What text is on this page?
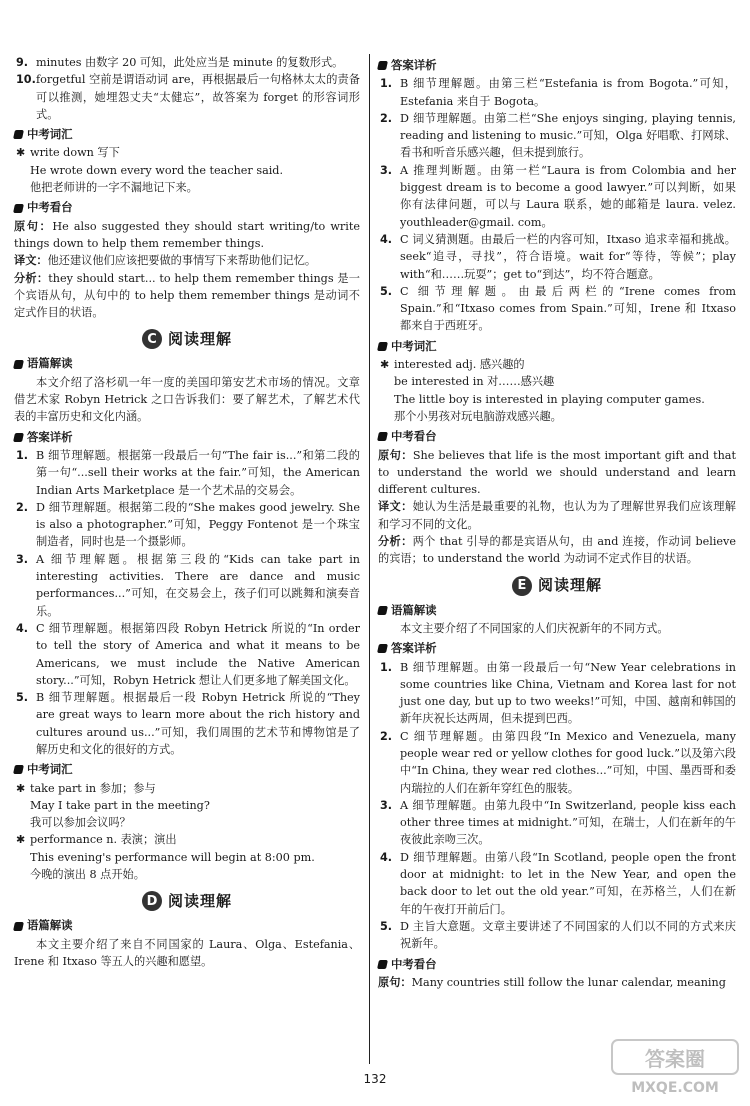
9. minutes 由数字 20 可知，此处应当是 minute 的复数形式。
10. forgetful 空前是谓语动词 are，再根据最后一句格林太太的责备可以推测，她埋怨丈夫“太健忘”，故答案为 forget 的形容词形式。
中考词汇
✱ write down 写下
He wrote down every word the teacher said.
他把老师讲的一字不漏地记下来。
中考看台

原句：He also suggested they should start writing/to write things down to help them remember things.

译文：他还建议他们应该把要做的事情写下来帮助他们记忆。

分析：they should start... to help them remember things 是一个宾语从句，从句中的 to help them remember things 是动词不定式作目的状语。

C 阅读理解
语篇解读

本文介绍了洛杉矶一年一度的美国印第安艺术市场的情况。文章借艺术家 Robyn Hetrick 之口告诉我们：要了解艺术，了解艺术代表的丰富历史和文化内涵。

答案详析
1. B 细节理解题。根据第一段最后一句“The fair is...”和第二段的第一句“...sell their works at the fair.”可知，the American Indian Arts Marketplace 是一个艺术品的交易会。
2. D 细节理解题。根据第二段的“She makes good jewelry. She is also a photographer.”可知，Peggy Fontenot 是一个珠宝制造者，同时也是一个摄影师。
3. A 细节理解题。根据第三段的“Kids can take part in interesting activities. There are dance and music performances...”可知，在交易会上，孩子们可以跳舞和演奏音乐。
4. C 细节理解题。根据第四段 Robyn Hetrick 所说的“In order to tell the story of America and what it means to be Americans, we must include the Native American story...”可知，Robyn Hetrick 想让人们更多地了解美国文化。
5. B 细节理解题。根据最后一段 Robyn Hetrick 所说的“They are great ways to learn more about the rich history and cultures around us...”可知，我们周围的艺术节和博物馆是了解历史和文化的很好的方式。
中考词汇
✱ take part in 参加；参与
May I take part in the meeting?
我可以参加会议吗？
✱ performance n. 表演；演出
This evening's performance will begin at 8:00 pm.
今晚的演出 8 点开始。
D 阅读理解
语篇解读

本文主要介绍了来自不同国家的 Laura、Olga、Estefania、Irene 和 Itxaso 等五人的兴趣和愿望。

答案详析
1. B 细节理解题。由第三栏“Estefania is from Bogota.”可知，Estefania 来自于 Bogota。
2. D 细节理解题。由第二栏“She enjoys singing, playing tennis, reading and listening to music.”可知，Olga 好唱歌、打网球、看书和听音乐感兴趣，但未提到旅行。
3. A 推理判断题。由第一栏“Laura is from Colombia and her biggest dream is to become a good lawyer.”可以判断，如果你有法律问题，可以与 Laura 联系，她的邮箱是 laura. velez. youthleader@gmail. com。
4. C 词义猜测题。由最后一栏的内容可知，Itxaso 追求幸福和挑战。seek“追寻，寻找”，符合语境。wait for“等待，等候”；play with“和……玩耍”；get to“到达”，均不符合题意。
5. C 细节理解题。由最后两栏的“Irene comes from Spain.”和“Itxaso comes from Spain.”可知，Irene 和 Itxaso 都来自于西班牙。
中考词汇
✱ interested adj. 感兴趣的
be interested in 对……感兴趣
The little boy is interested in playing computer games.
那个小男孩对玩电脑游戏感兴趣。
中考看台

原句：She believes that life is the most important gift and that to understand the world we should understand and learn different cultures.

译文：她认为生活是最重要的礼物，也认为为了理解世界我们应该理解和学习不同的文化。

分析：两个 that 引导的都是宾语从句，由 and 连接，作动词 believe 的宾语；to understand the world 为动词不定式作目的状语。

E 阅读理解
语篇解读

本文主要介绍了不同国家的人们庆祝新年的不同方式。

答案详析
1. B 细节理解题。由第一段最后一句“New Year celebrations in some countries like China, Vietnam and Korea last for not just one day, but up to two weeks!”可知，中国、越南和韩国的新年庆祝长达两周，但未提到巴西。
2. C 细节理解题。由第四段“In Mexico and Venezuela, many people wear red or yellow clothes for good luck.”以及第六段中“In China, they wear red clothes...”可知，中国、墨西哥和委内瑞拉的人们在新年穿红色的服装。
3. A 细节理解题。由第九段中“In Switzerland, people kiss each other three times at midnight.”可知，在瑞士，人们在新年的午夜彼此亲吻三次。
4. D 细节理解题。由第八段“In Scotland, people open the front door at midnight: to let in the New Year, and open the back door to let out the old year.”可知，在苏格兰，人们在新年的午夜打开前后门。
5. D 主旨大意题。文章主要讲述了不同国家的人们以不同的方式来庆祝新年。
中考看台

原句：Many countries still follow the lunar calendar, meaning

132
答案圈
MXQE.COM
